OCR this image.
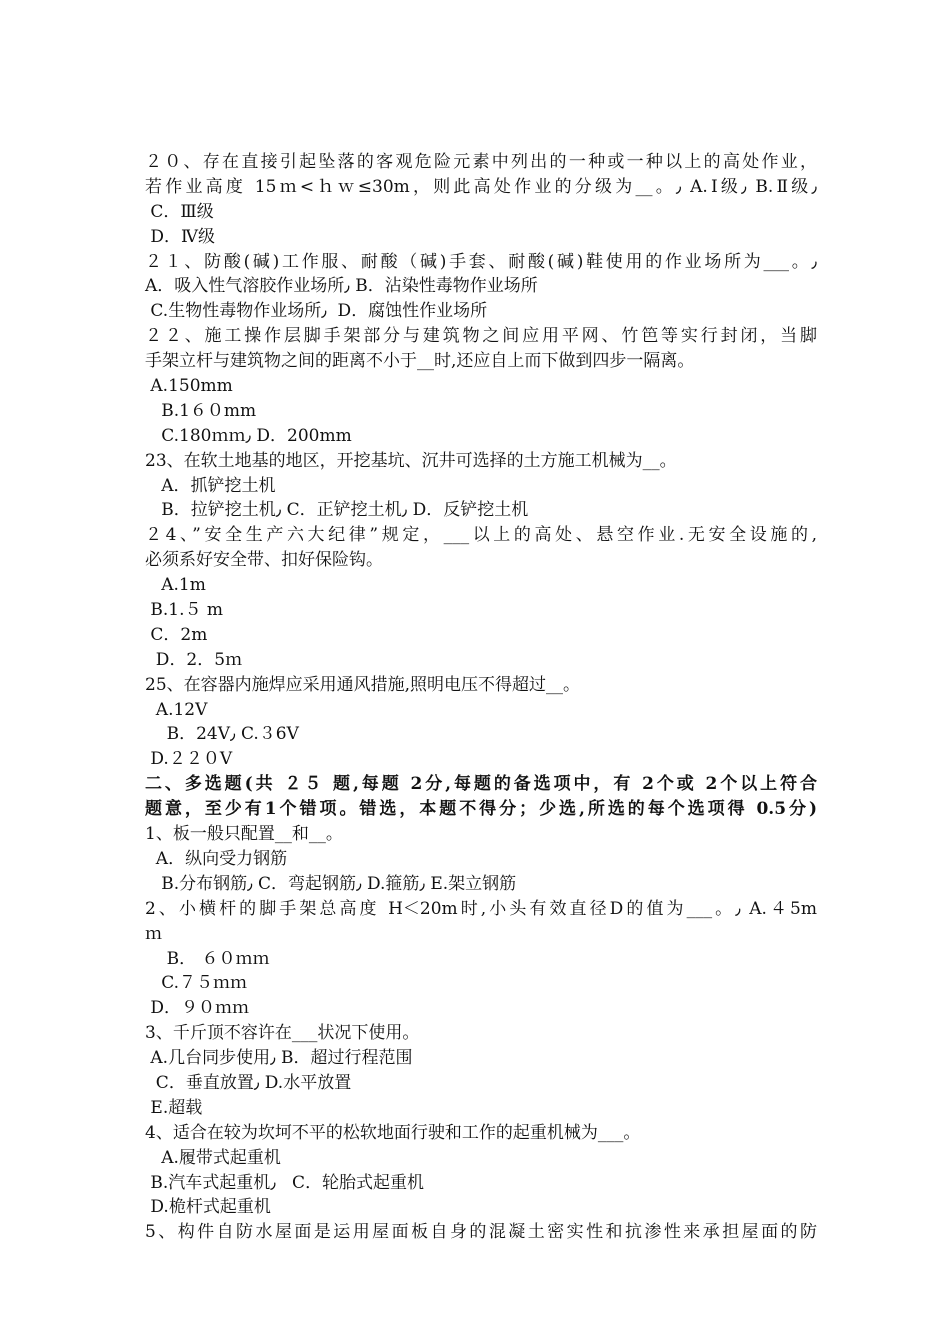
２０、存在直接引起坠落的客观危险元素中列出的一种或一种以上的高处作业，
若作业高度 15ｍ<ｈｗ≤30m，则此高处作业的分级为__。٫ A.Ⅰ级٫ B.Ⅱ级٫
C．Ⅲ级
D．Ⅳ级
２１、防酸(碱)工作服、耐酸（碱)手套、耐酸(碱)鞋使用的作业场所为___。٫
A．吸入性气溶胶作业场所٫ B．沾染性毒物作业场所
C.生物性毒物作业场所٫  D．腐蚀性作业场所
２２、施工操作层脚手架部分与建筑物之间应用平网、竹笆等实行封闭，当脚
手架立杆与建筑物之间的距离不小于__时,还应自上而下做到四步一隔离。
A.150mm
B.1６０mm
C.180ｍｍ٫ D．200mm
23、在软土地基的地区，开挖基坑、沉井可选择的土方施工机械为__。
A．抓铲挖土机
B．拉铲挖土机٫ C．正铲挖土机٫ D．反铲挖土机
２4、”安全生产六大纪律”规定，___以上的高处、悬空作业.无安全设施的,
必须系好安全带、扣好保险钩。
A.1m
B.1.５ m
C．2m
D．2．5ｍ
25、在容器内施焊应采用通风措施,照明电压不得超过__。
A.12V
B．24V٫ C.３6V
D.２２０V
二、多选题(共 ２５ 题,每题 2分,每题的备选项中，有 2个或 2个以上符合
题意，至少有1个错项。错选，本题不得分；少选,所选的每个选项得 0.5分)
1、板一般只配置__和__。
A．纵向受力钢筋
B.分布钢筋٫ C．弯起钢筋٫ D.箍筋٫ E.架立钢筋
2、小横杆的脚手架总高度 H＜20m时,小头有效直径D的值为___。٫ A.４5m
ｍ
B． ６０ｍｍ
C.７５ｍｍ
D．９０ｍｍ
3、千斤顶不容许在___状况下使用。
A.几台同步使用٫ B．超过行程范围
C．垂直放置٫ D.水平放置
E.超载
4、适合在较为坎坷不平的松软地面行驶和工作的起重机械为___。
A.履带式起重机
B.汽车式起重机٫   C．轮胎式起重机
D.桅杆式起重机
5、构件自防水屋面是运用屋面板自身的混凝土密实性和抗渗性来承担屋面的防
